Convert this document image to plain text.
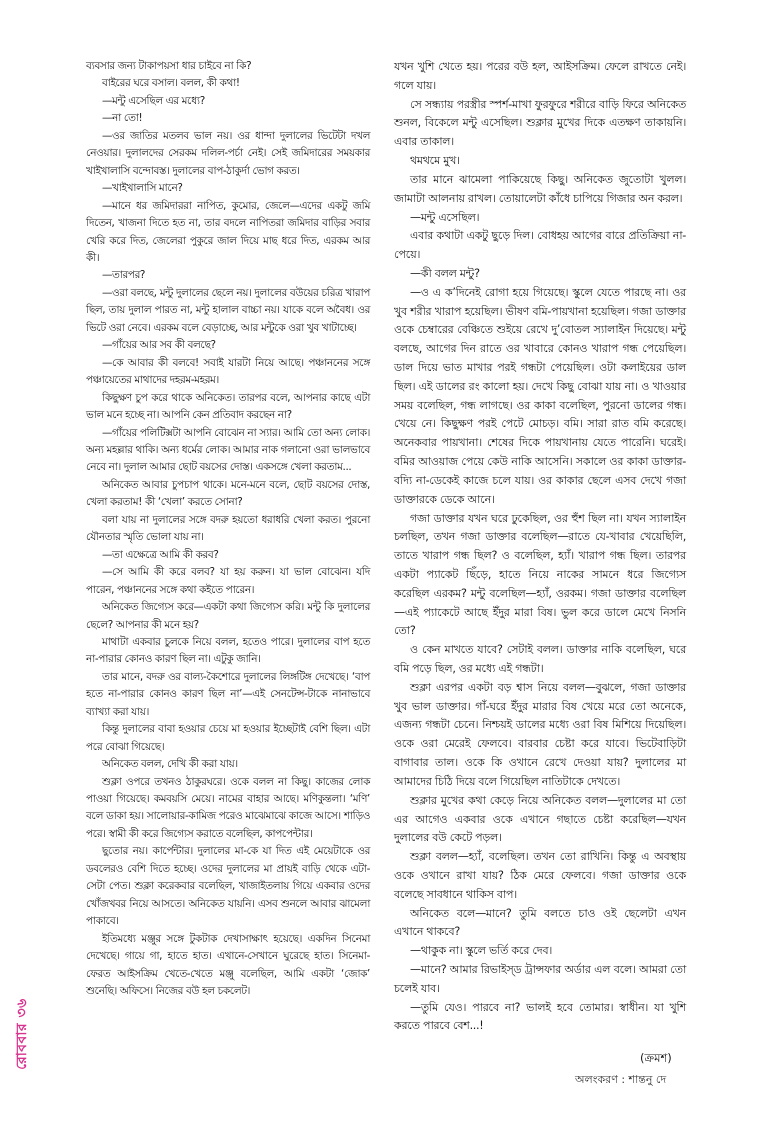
রোববার ৩৬

ব্যবসার জন্য টাকাপয়সা ধার চাইবে না কি?

বাইরের ঘরে বসাল। বলল, কী কথা!

—মন্টু এসেছিল এর মধ্যে?

—না তো!

—ওর জাতির মতলব ভাল নয়। ওর ধান্দা দুলালের ভিটেটা দখল নেওয়ার। দুলালদের সেরকম দলিল-পর্চা নেই। সেই জমিদারের সময়কার খাইখালাসি বন্দোবস্ত। দুলালের বাপ-ঠাকুর্দা ভোগ করত।

—খাইখালাসি মানে?

—মানে ধর জমিদাররা নাপিত, কুমোর, জেলে—এদের একটু জমি দিতেন, খাজনা দিতে হত না, তার বদলে নাপিতরা জমিদার বাড়ির সবার খেরি করে দিত, জেলেরা পুকুরে জাল দিয়ে মাছ ধরে দিত, এরকম আর কী।

—তারপর?

—ওরা বলছে, মন্টু দুলালের ছেলে নয়। দুলালের বউয়ের চরিত্র খারাপ ছিল, তায় দুলাল পারত না, মন্টু হালাল বাচ্চা নয়। যাকে বলে অবৈধ। ওর ভিটে ওরা নেবে। এরকম বলে বেড়াচ্ছে, আর মন্টুকে ওরা খুব খাটাচ্ছে।

—গাঁয়ের আর সব কী বলছে?

—কে আবার কী বলবে! সবাই যারটা নিয়ে আছে। পঞ্চাননের সঙ্গে পঞ্চায়েতের মাথাদের দহরম-মহরম।

কিছুক্ষণ চুপ করে থাকে অনিকেত। তারপর বলে, আপনার কাছে এটা ভাল মনে হচ্ছে না। আপনি কেন প্রতিবাদ করছেন না?

—গাঁয়ের পলিটিক্সটা আপনি বোঝেন না স্যার। আমি তো অন্য লোক। অন্য মহল্লার থাকি। অন্য ধর্মের লোক। আমার নাক গলানো ওরা ভালভাবে নেবে না। দুলাল আমার ছোট বয়সের দোস্ত। একসঙ্গে খেলা করতাম...

অনিকেত আবার চুপচাপ থাকে। মনে-মনে বলে, ছোট বয়সের দোস্ত, খেলা করতাম! কী ‘খেলা’ করতে সোনা?

বলা যায় না দুলালের সঙ্গে বদরু হয়তো ধরাধরি খেলা করত। পুরনো যৌনতার স্মৃতি ভোলা যায় না।

—তা এক্ষেত্রে আমি কী করব?

—সে আমি কী করে বলব? যা হয় করুন। যা ভাল বোঝেন। যদি পারেন, পঞ্চাননের সঙ্গে কথা কইতে পারেন।

অনিকেত জিগ্যেস করে—একটা কথা জিগ্যেস করি। মন্টু কি দুলালের ছেলে? আপনার কী মনে হয়?

মাথাটা একবার চুলকে নিয়ে বলল, হতেও পারে। দুলালের বাপ হতে না-পারার কোনও কারণ ছিল না। এটুকু জানি।

তার মানে, বদরু ওর বাল্য-কৈশোরে দুলালের লিঙ্গটিঙ্গ দেখেছে। ‘বাপ হতে না-পারার কোনও কারণ ছিল না’—এই সেনটেন্স-টাকে নানাভাবে ব্যাখ্যা করা যায়।

কিন্তু দুলালের বাবা হওয়ার চেয়ে মা হওয়ার ইচ্ছেটাই বেশি ছিল। এটা পরে বোঝা গিয়েছে।

অনিকেত বলল, দেখি কী করা যায়।

শুক্লা ওপরে তখনও ঠাকুরঘরে। ওকে বলল না কিছু। কাজের লোক পাওয়া গিয়েছে। কমবয়সি মেয়ে। নামের বাহার আছে। মণিকুন্তলা। ‘মণি’ বলে ডাকা হয়। সালোয়ার-কামিজ পরেও মাঝেমাঝে কাজে আসে। শাড়িও পরে। স্বামী কী করে জিগ্যেস করাতে বলেছিল, কাপপেন্টার।

ছুতোর নয়। কার্পেন্টার। দুলালের মা-কে যা দিত এই মেয়েটাকে ওর ডবলেরও বেশি দিতে হচ্ছে। ওদের দুলালের মা প্রায়ই বাড়ি থেকে এটা-সেটা পেত। শুক্লা করেকবার বলেছিল, খাজাইতলায় গিয়ে একবার ওদের খোঁজখবর নিয়ে আসতে। অনিকেত যায়নি। এসব শুনলে আবার ঝামেলা পাকাবে।

ইতিমধ্যে মঞ্জুর সঙ্গে টুকটাক দেখাসাক্ষাৎ হয়েছে। একদিন সিনেমা দেখেছে। গায়ে গা, হাতে হাত। এখানে-সেখানে ঘুরেছে হাত। সিনেমা-ফেরত আইসক্রিম খেতে-খেতে মঞ্জু বলেছিল, আমি একটা ‘জোক’ শুনেছি। অফিসে। নিজের বউ হল চকলেট।

যখন খুশি খেতে হয়। পরের বউ হল, আইসক্রিম। ফেলে রাখতে নেই। গলে যায়।

সে সন্ধ্যায় পরস্ত্রীর স্পর্শ-মাখা ফুরফুরে শরীরে বাড়ি ফিরে অনিকেত শুনল, বিকেলে মন্টু এসেছিল। শুক্লার মুখের দিকে এতক্ষণ তাকায়নি। এবার তাকাল।

থমথমে মুখ।

তার মানে ঝামেলা পাকিয়েছে কিছু। অনিকেত জুতোটা খুলল। জামাটা আলনায় রাখল। তোয়ালেটা কাঁধে চাপিয়ে গিজার অন করল।

—মন্টু এসেছিল।

এবার কথাটা একটু ছুড়ে দিল। বোধহয় আগের বারে প্রতিক্রিয়া না-পেয়ে।

—কী বলল মন্টু?

—ও এ ক’দিনেই রোগা হয়ে গিয়েছে। স্কুলে যেতে পারছে না। ওর খুব শরীর খারাপ হয়েছিল। ভীষণ বমি-পায়খানা হয়েছিল। গজা ডাক্তার ওকে চেম্বারের বেঞ্চিতে শুইয়ে রেখে দু’বোতল স্যালাইন দিয়েছে। মন্টু বলছে, আগের দিন রাতে ওর খাবারে কোনও খারাপ গন্ধ পেয়েছিল। ডাল দিয়ে ভাত মাখার পরই গন্ধটা পেয়েছিল। ওটা কলাইয়ের ডাল ছিল। এই ডালের রং কালো হয়। দেখে কিছু বোঝা যায় না। ও খাওয়ার সময় বলেছিল, গন্ধ লাগছে। ওর কাকা বলেছিল, পুরনো ডালের গন্ধ। খেয়ে নে। কিছুক্ষণ পরই পেটে মোচড়। বমি। সারা রাত বমি করেছে। অনেকবার পায়খানা। শেষের দিকে পায়খানায় যেতে পারেনি। ঘরেই। বমির আওয়াজ পেয়ে কেউ নাকি আসেনি। সকালে ওর কাকা ডাক্তার-বদ্যি না-ডেকেই কাজে চলে যায়। ওর কাকার ছেলে এসব দেখে গজা ডাক্তারকে ডেকে আনে।

গজা ডাক্তার যখন ঘরে ঢুকেছিল, ওর হুঁশ ছিল না। যখন স্যালাইন চলছিল, তখন গজা ডাক্তার বলেছিল—রাতে যে-খাবার খেয়েছিলি, তাতে খারাপ গন্ধ ছিল? ও বলেছিল, হ্যাঁ। খারাপ গন্ধ ছিল। তারপর একটা প্যাকেট ছিঁড়ে, হাতে নিয়ে নাকের সামনে ধরে জিগ্যেস করেছিল এরকম? মন্টু বলেছিল—হ্যাঁ, ওরকম। গজা ডাক্তার বলেছিল—এই প্যাকেটে আছে ইঁদুর মারা বিষ। ভুল করে ডালে মেখে নিসনি তো?

ও কেন মাখতে যাবে? সেটাই বলল। ডাক্তার নাকি বলেছিল, ঘরে বমি পড়ে ছিল, ওর মধ্যে এই গন্ধটা।

শুক্লা এরপর একটা বড় শ্বাস নিয়ে বলল—বুঝলে, গজা ডাক্তার খুব ভাল ডাক্তার। গাঁ-ঘরে ইঁদুর মারার বিষ খেয়ে মরে তো অনেকে, এজন্য গন্ধটা চেনে। নিশ্চয়ই ডালের মধ্যে ওরা বিষ মিশিয়ে দিয়েছিল। ওকে ওরা মেরেই ফেলবে। বারবার চেষ্টা করে যাবে। ভিটেবাড়িটা বাগাবার তাল। ওকে কি ওখানে রেখে দেওয়া যায়? দুলালের মা আমাদের চিঠি দিয়ে বলে গিয়েছিল নাতিটাকে দেখতে।

শুক্লার মুখের কথা কেড়ে নিয়ে অনিকেত বলল—দুলালের মা তো এর আগেও একবার ওকে এখানে গছাতে চেষ্টা করেছিল—যখন দুলালের বউ কেটে পড়ল।

শুক্লা বলল—হ্যাঁ, বলেছিল। তখন তো রাখিনি। কিন্তু এ অবস্থায় ওকে ওখানে রাখা যায়? ঠিক মেরে ফেলবে। গজা ডাক্তার ওকে বলেছে সাবধানে থাকিস বাপ।

অনিকেত বলে—মানে? তুমি বলতে চাও ওই ছেলেটা এখন এখানে থাকবে?

—থাকুক না। স্কুলে ভর্তি করে দেব।

—মানে? আমার রিভাইস্ড ট্রান্সফার অর্ডার এল বলে। আমরা তো চলেই যাব।

—তুমি যেও। পারবে না? ভালই হবে তোমার। স্বাধীন। যা খুশি করতে পারবে বেশ...!

(ক্রমশ)
অলংকরণ : শান্তনু দে
